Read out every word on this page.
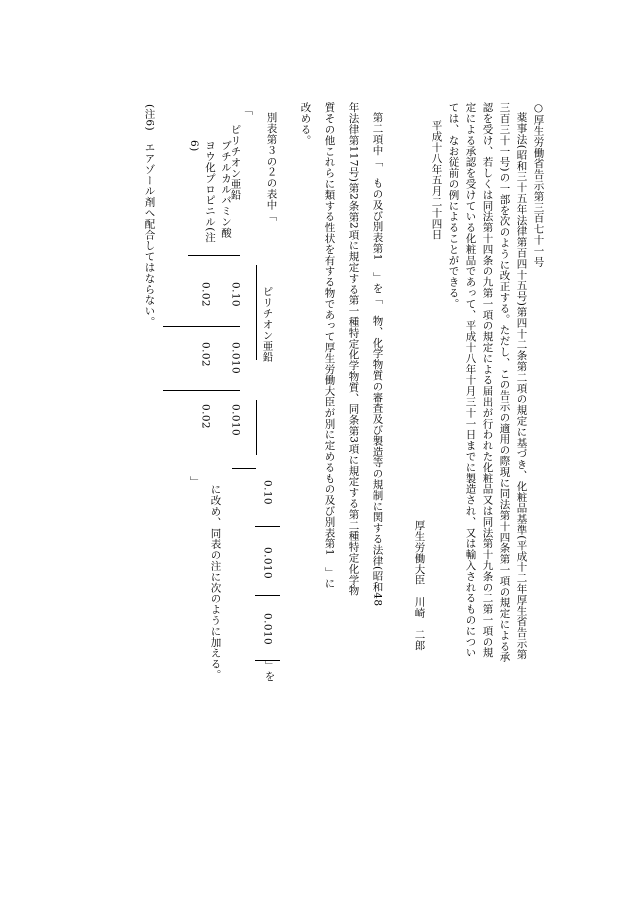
○厚生労働省告示第三百七十一号
薬事法(昭和三十五年法律第百四十五号)第四十二条第二項の規定に基づき、化粧品基準(平成十二年厚生省告示第
三百三十一号)の一部を次のように改正する。ただし、この告示の適用の際現に同法第十四条第一項の規定による承
認を受け、若しくは同法第十四条の九第一項の規定による届出が行われた化粧品又は同法第十九条の二第一項の規
定による承認を受けている化粧品であって、平成十八年十月三十一日までに製造され、又は輸入されるものについ
ては、なお従前の例によることができる。
平成十八年五月二十四日
厚生労働大臣　川崎　二郎
第二項中「　もの及び別表第1　」を「　物、化学物質の審査及び製造等の規制に関する法律(昭和48
年法律第117号)第2条第2項に規定する第一種特定化学物質、同条第3項に規定する第二種特定化学物
質その他これらに類する性状を有する物であって厚生労働大臣が別に定めるもの及び別表第1　」に
改める。
別表第３の２の表中「
「
ピリチオン亜鉛
0.10
0.010
0.010
ブチルカルバミン酸ヨウ化プロピニル(注6)
0.02
0.02
0.02
ピリチオン亜鉛
0.10
0.010
0.010
」を
」
に改め、同表の注に次のように加える。
(注6)　エアゾール剤へ配合してはならない。
